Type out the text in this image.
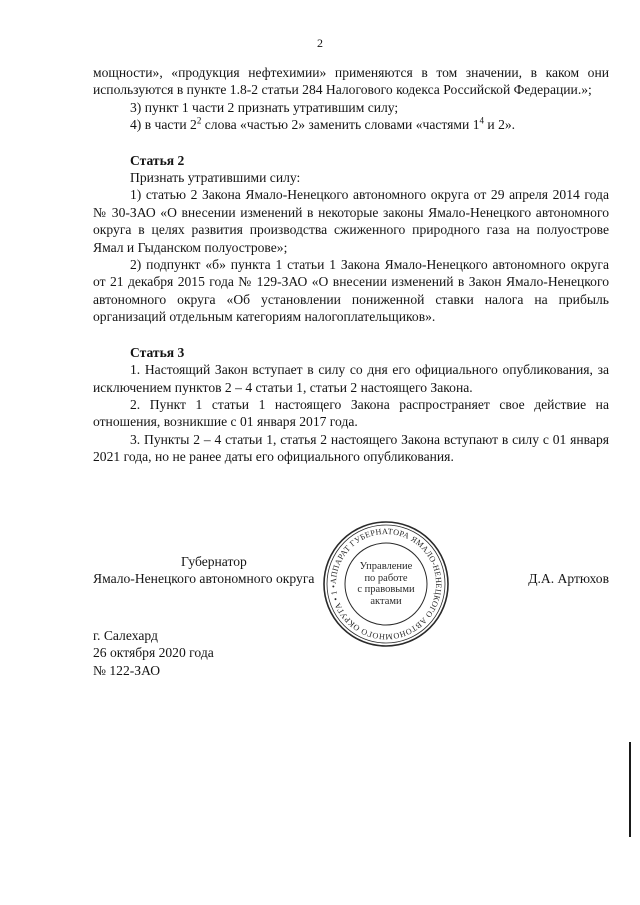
2

мощности», «продукция нефтехимии» применяются в том значении, в каком они используются в пункте 1.8-2 статьи 284 Налогового кодекса Российской Федерации.»;

3) пункт 1 части 2 признать утратившим силу;

4) в части $2^2$ слова «частью 2» заменить словами «частями $1^4$ и 2».

Статья 2

Признать утратившими силу:

1) статью 2 Закона Ямало-Ненецкого автономного округа от 29 апреля 2014 года № 30-ЗАО «О внесении изменений в некоторые законы Ямало-Ненецкого автономного округа в целях развития производства сжиженного природного газа на полуострове Ямал и Гыданском полуострове»;

2) подпункт «б» пункта 1 статьи 1 Закона Ямало-Ненецкого автономного округа от 21 декабря 2015 года № 129-ЗАО «О внесении изменений в Закон Ямало-Ненецкого автономного округа «Об установлении пониженной ставки налога на прибыль организаций отдельным категориям налогоплательщиков».

Статья 3

1. Настоящий Закон вступает в силу со дня его официального опубликования, за исключением пунктов 2 – 4 статьи 1, статьи 2 настоящего Закона.

2. Пункт 1 статьи 1 настоящего Закона распространяет свое действие на отношения, возникшие с 01 января 2017 года.

3. Пункты 2 – 4 статьи 1, статья 2 настоящего Закона вступают в силу с 01 января 2021 года, но не ранее даты его официального опубликования.

Губернатор
Ямало-Ненецкого автономного округа	Д.А. Артюхов
АППАРАТ ГУБЕРНАТОРА ЯМАЛО-НЕНЕЦКОГО АВТОНОМНОГО ОКРУГА • 1 •
Управление
по работе
с правовыми
актами
г. Салехард
26 октября 2020 года
№ 122-ЗАО
